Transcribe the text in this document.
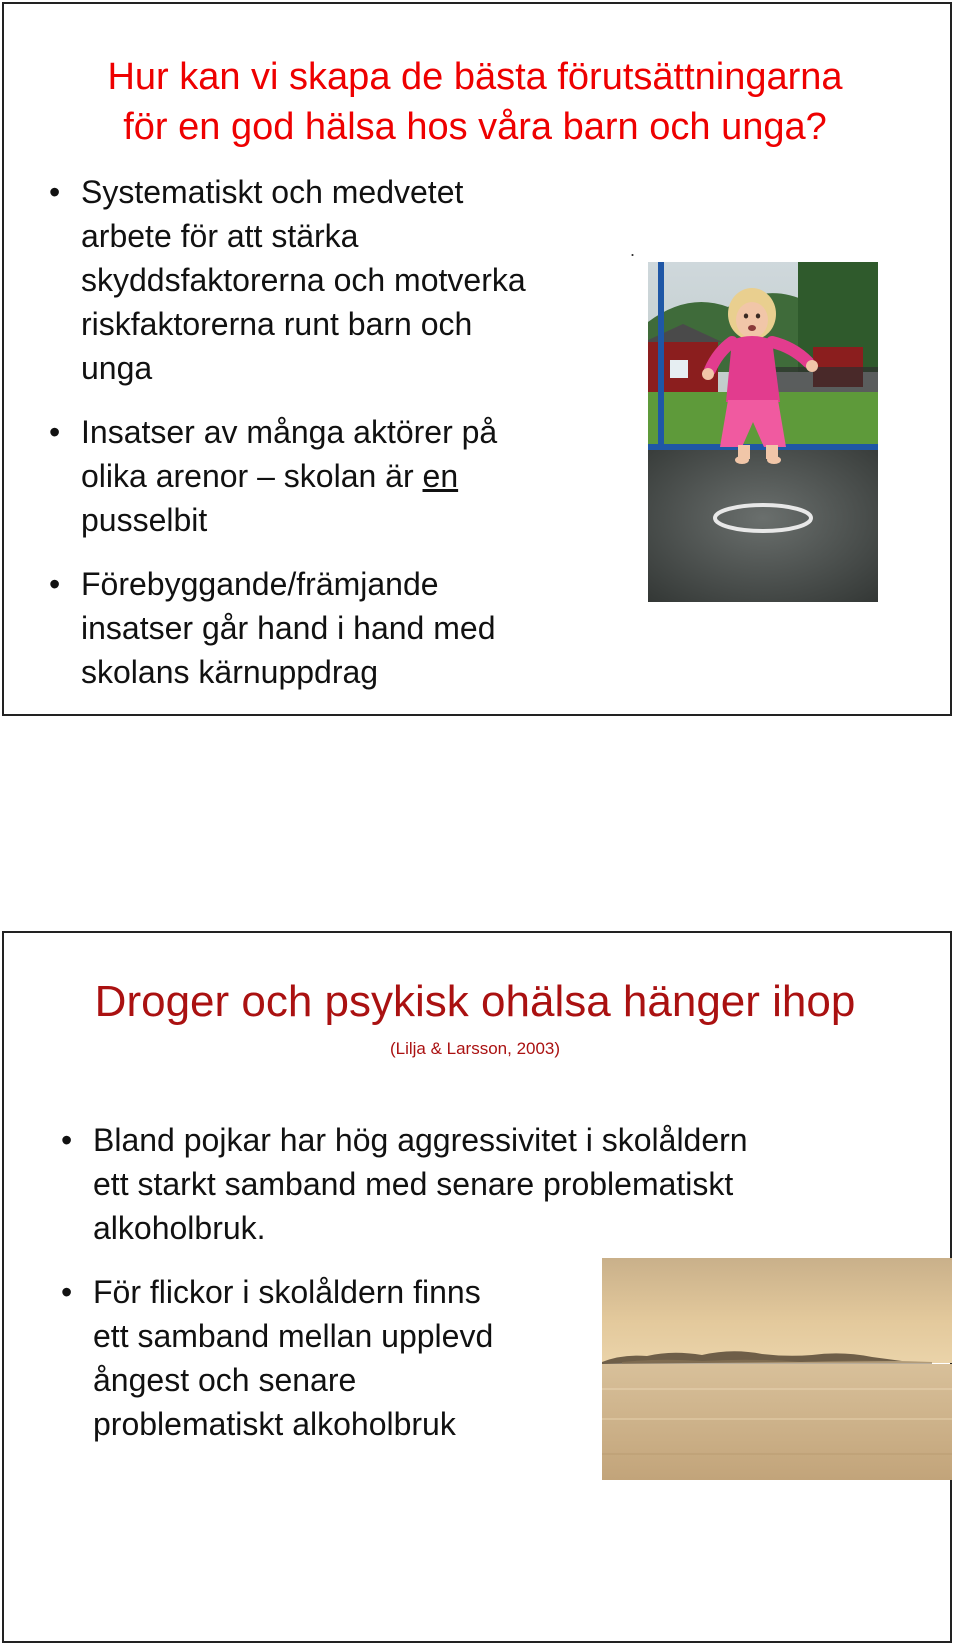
Hur kan vi skapa de bästa förutsättningarna
för en god hälsa hos våra barn och unga?
• Systematiskt och medvetet
arbete för att stärka
skyddsfaktorerna och motverka
riskfaktorerna runt barn och
unga
• Insatser av många aktörer på
olika arenor – skolan är en
pusselbit
• Förebyggande/främjande
insatser går hand i hand med
skolans kärnuppdrag
.
Droger och psykisk ohälsa hänger ihop
(Lilja & Larsson, 2003)
• Bland pojkar har hög aggressivitet i skolåldern
ett starkt samband med senare problematiskt
alkoholbruk.
• För flickor i skolåldern finns
ett samband mellan upplevd
ångest och senare
problematiskt alkoholbruk
